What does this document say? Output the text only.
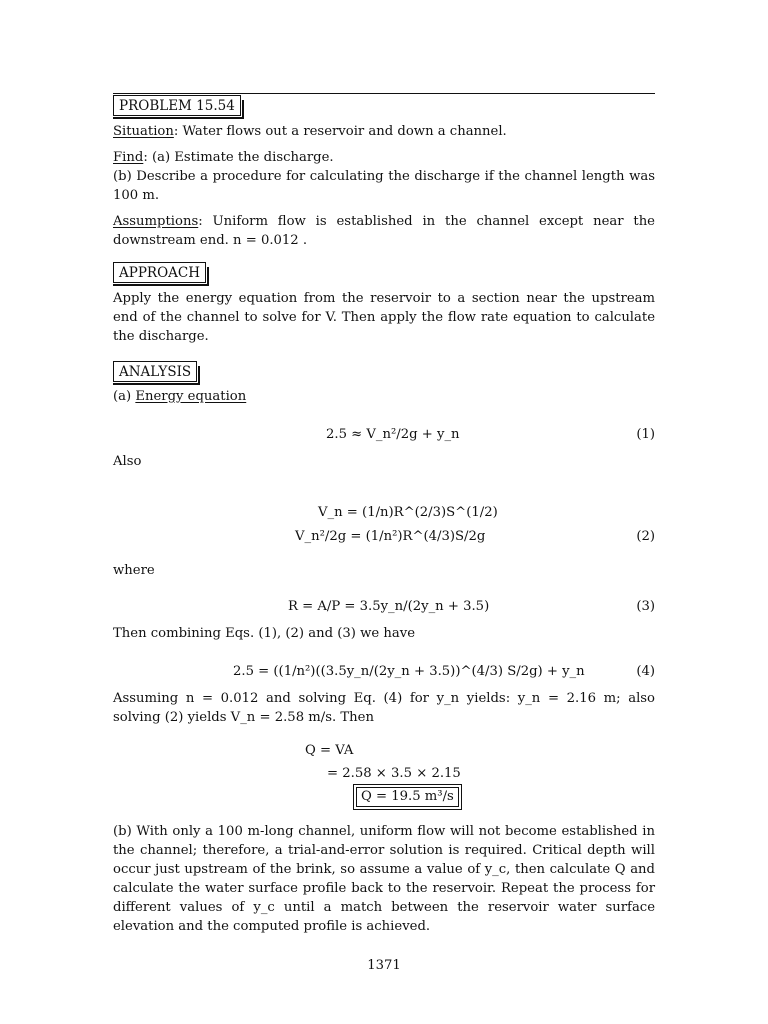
PROBLEM 15.54
Situation: Water flows out a reservoir and down a channel.
Find: (a) Estimate the discharge.
(b) Describe a procedure for calculating the discharge if the channel length was 100 m.
Assumptions: Uniform flow is established in the channel except near the downstream end. n = 0.012 .
APPROACH
Apply the energy equation from the reservoir to a section near the upstream end of the channel to solve for V. Then apply the flow rate equation to calculate the discharge.
ANALYSIS
(a) Energy equation
2.5 ≈ V_n²/2g + y_n	(1)
Also
V_n = (1/n)R^(2/3)S^(1/2)
V_n²/2g = (1/n²)R^(4/3)S/2g	(2)
where
R = A/P = 3.5y_n/(2y_n + 3.5)	(3)
Then combining Eqs. (1), (2) and (3) we have
2.5 = ((1/n²)((3.5y_n/(2y_n + 3.5))^(4/3) S/2g) + y_n	(4)
Assuming n = 0.012 and solving Eq. (4) for y_n yields: y_n = 2.16 m; also solving (2) yields V_n = 2.58 m/s. Then
Q = VA
= 2.58 × 3.5 × 2.15
Q = 19.5 m³/s
(b) With only a 100 m-long channel, uniform flow will not become established in the channel; therefore, a trial-and-error solution is required. Critical depth will occur just upstream of the brink, so assume a value of y_c, then calculate Q and calculate the water surface profile back to the reservoir. Repeat the process for different values of y_c until a match between the reservoir water surface elevation and the computed profile is achieved.
1371
